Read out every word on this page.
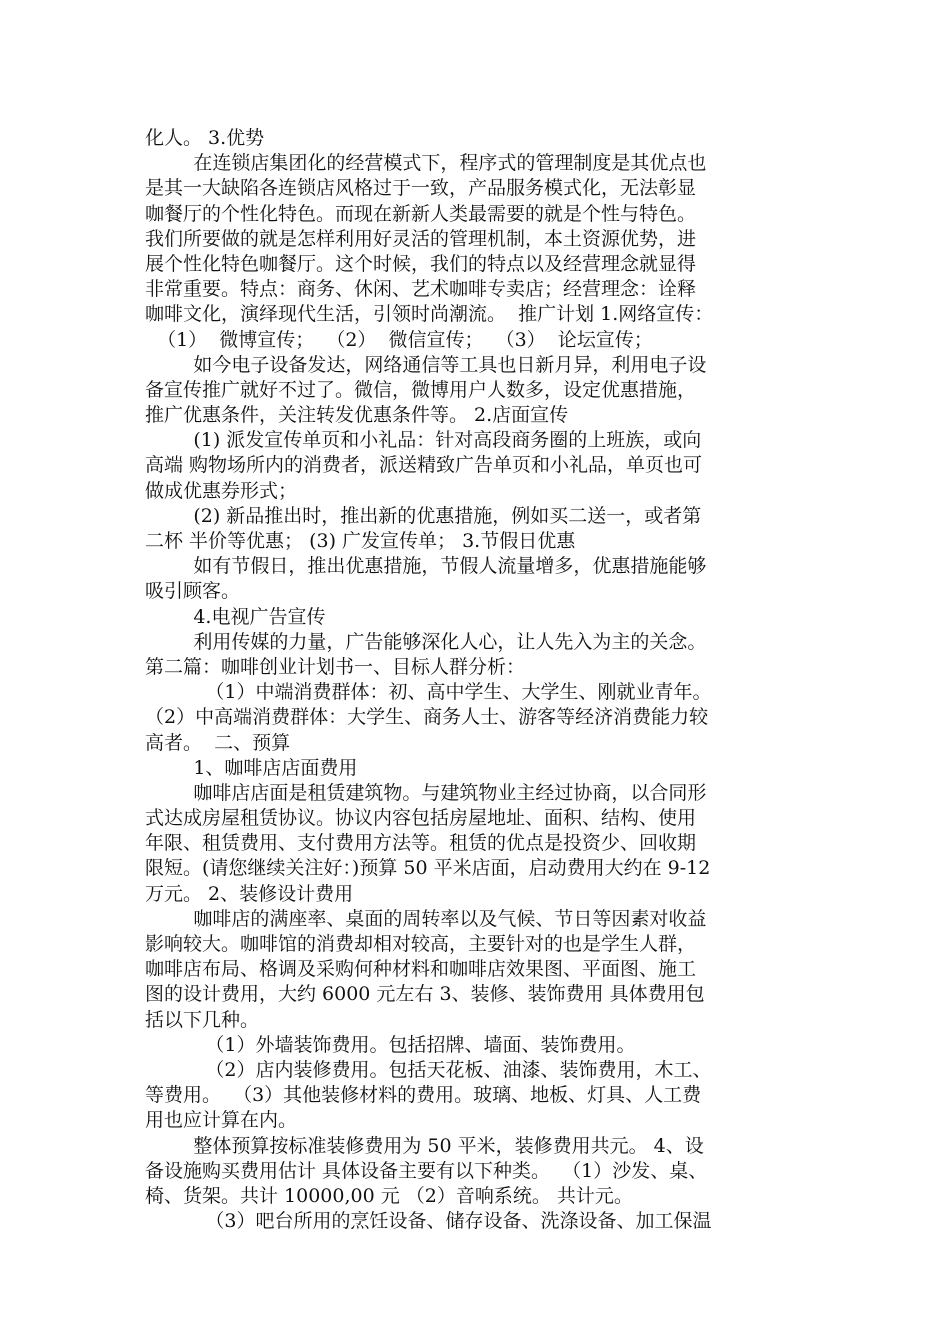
化人。 3.优势
在连锁店集团化的经营模式下，程序式的管理制度是其优点也
是其一大缺陷各连锁店风格过于一致，产品服务模式化，无法彰显
咖餐厅的个性化特色。而现在新新人类最需要的就是个性与特色。
我们所要做的就是怎样利用好灵活的管理机制，本土资源优势，进
展个性化特色咖餐厅。这个时候，我们的特点以及经营理念就显得
非常重要。特点：商务、休闲、艺术咖啡专卖店；经营理念：诠释
咖啡文化，演绎现代生活，引领时尚潮流。  推广计划 1.网络宣传：
（1）  微博宣传；  （2）  微信宣传；  （3）  论坛宣传；
如今电子设备发达，网络通信等工具也日新月异，利用电子设
备宣传推广就好不过了。微信，微博用户人数多，设定优惠措施，
推广优惠条件，关注转发优惠条件等。 2.店面宣传
(1) 派发宣传单页和小礼品：针对高段商务圈的上班族，或向
高端 购物场所内的消费者，派送精致广告单页和小礼品，单页也可
做成优惠券形式；
(2) 新品推出时，推出新的优惠措施，例如买二送一，或者第
二杯 半价等优惠； (3) 广发宣传单； 3.节假日优惠
如有节假日，推出优惠措施，节假人流量增多，优惠措施能够
吸引顾客。
4.电视广告宣传
利用传媒的力量，广告能够深化人心，让人先入为主的关念。
第二篇：咖啡创业计划书一、目标人群分析：
（1）中端消费群体：初、高中学生、大学生、刚就业青年。
（2）中高端消费群体：大学生、商务人士、游客等经济消费能力较
高者。  二、预算
1、咖啡店店面费用
咖啡店店面是租赁建筑物。与建筑物业主经过协商，以合同形
式达成房屋租赁协议。协议内容包括房屋地址、面积、结构、使用
年限、租赁费用、支付费用方法等。租赁的优点是投资少、回收期
限短。(请您继续关注好：)预算 50 平米店面，启动费用大约在 9-12
万元。 2、装修设计费用
咖啡店的满座率、桌面的周转率以及气候、节日等因素对收益
影响较大。咖啡馆的消费却相对较高，主要针对的也是学生人群，
咖啡店布局、格调及采购何种材料和咖啡店效果图、平面图、施工
图的设计费用，大约 6000 元左右 3、装修、装饰费用 具体费用包
括以下几种。
（1）外墙装饰费用。包括招牌、墙面、装饰费用。
（2）店内装修费用。包括天花板、油漆、装饰费用，木工、
等费用。  （3）其他装修材料的费用。玻璃、地板、灯具、人工费
用也应计算在内。
整体预算按标准装修费用为 50 平米，装修费用共元。 4、设
备设施购买费用估计 具体设备主要有以下种类。  （1）沙发、桌、
椅、货架。共计 10000,00 元 （2）音响系统。 共计元。
（3）吧台所用的烹饪设备、储存设备、洗涤设备、加工保温
